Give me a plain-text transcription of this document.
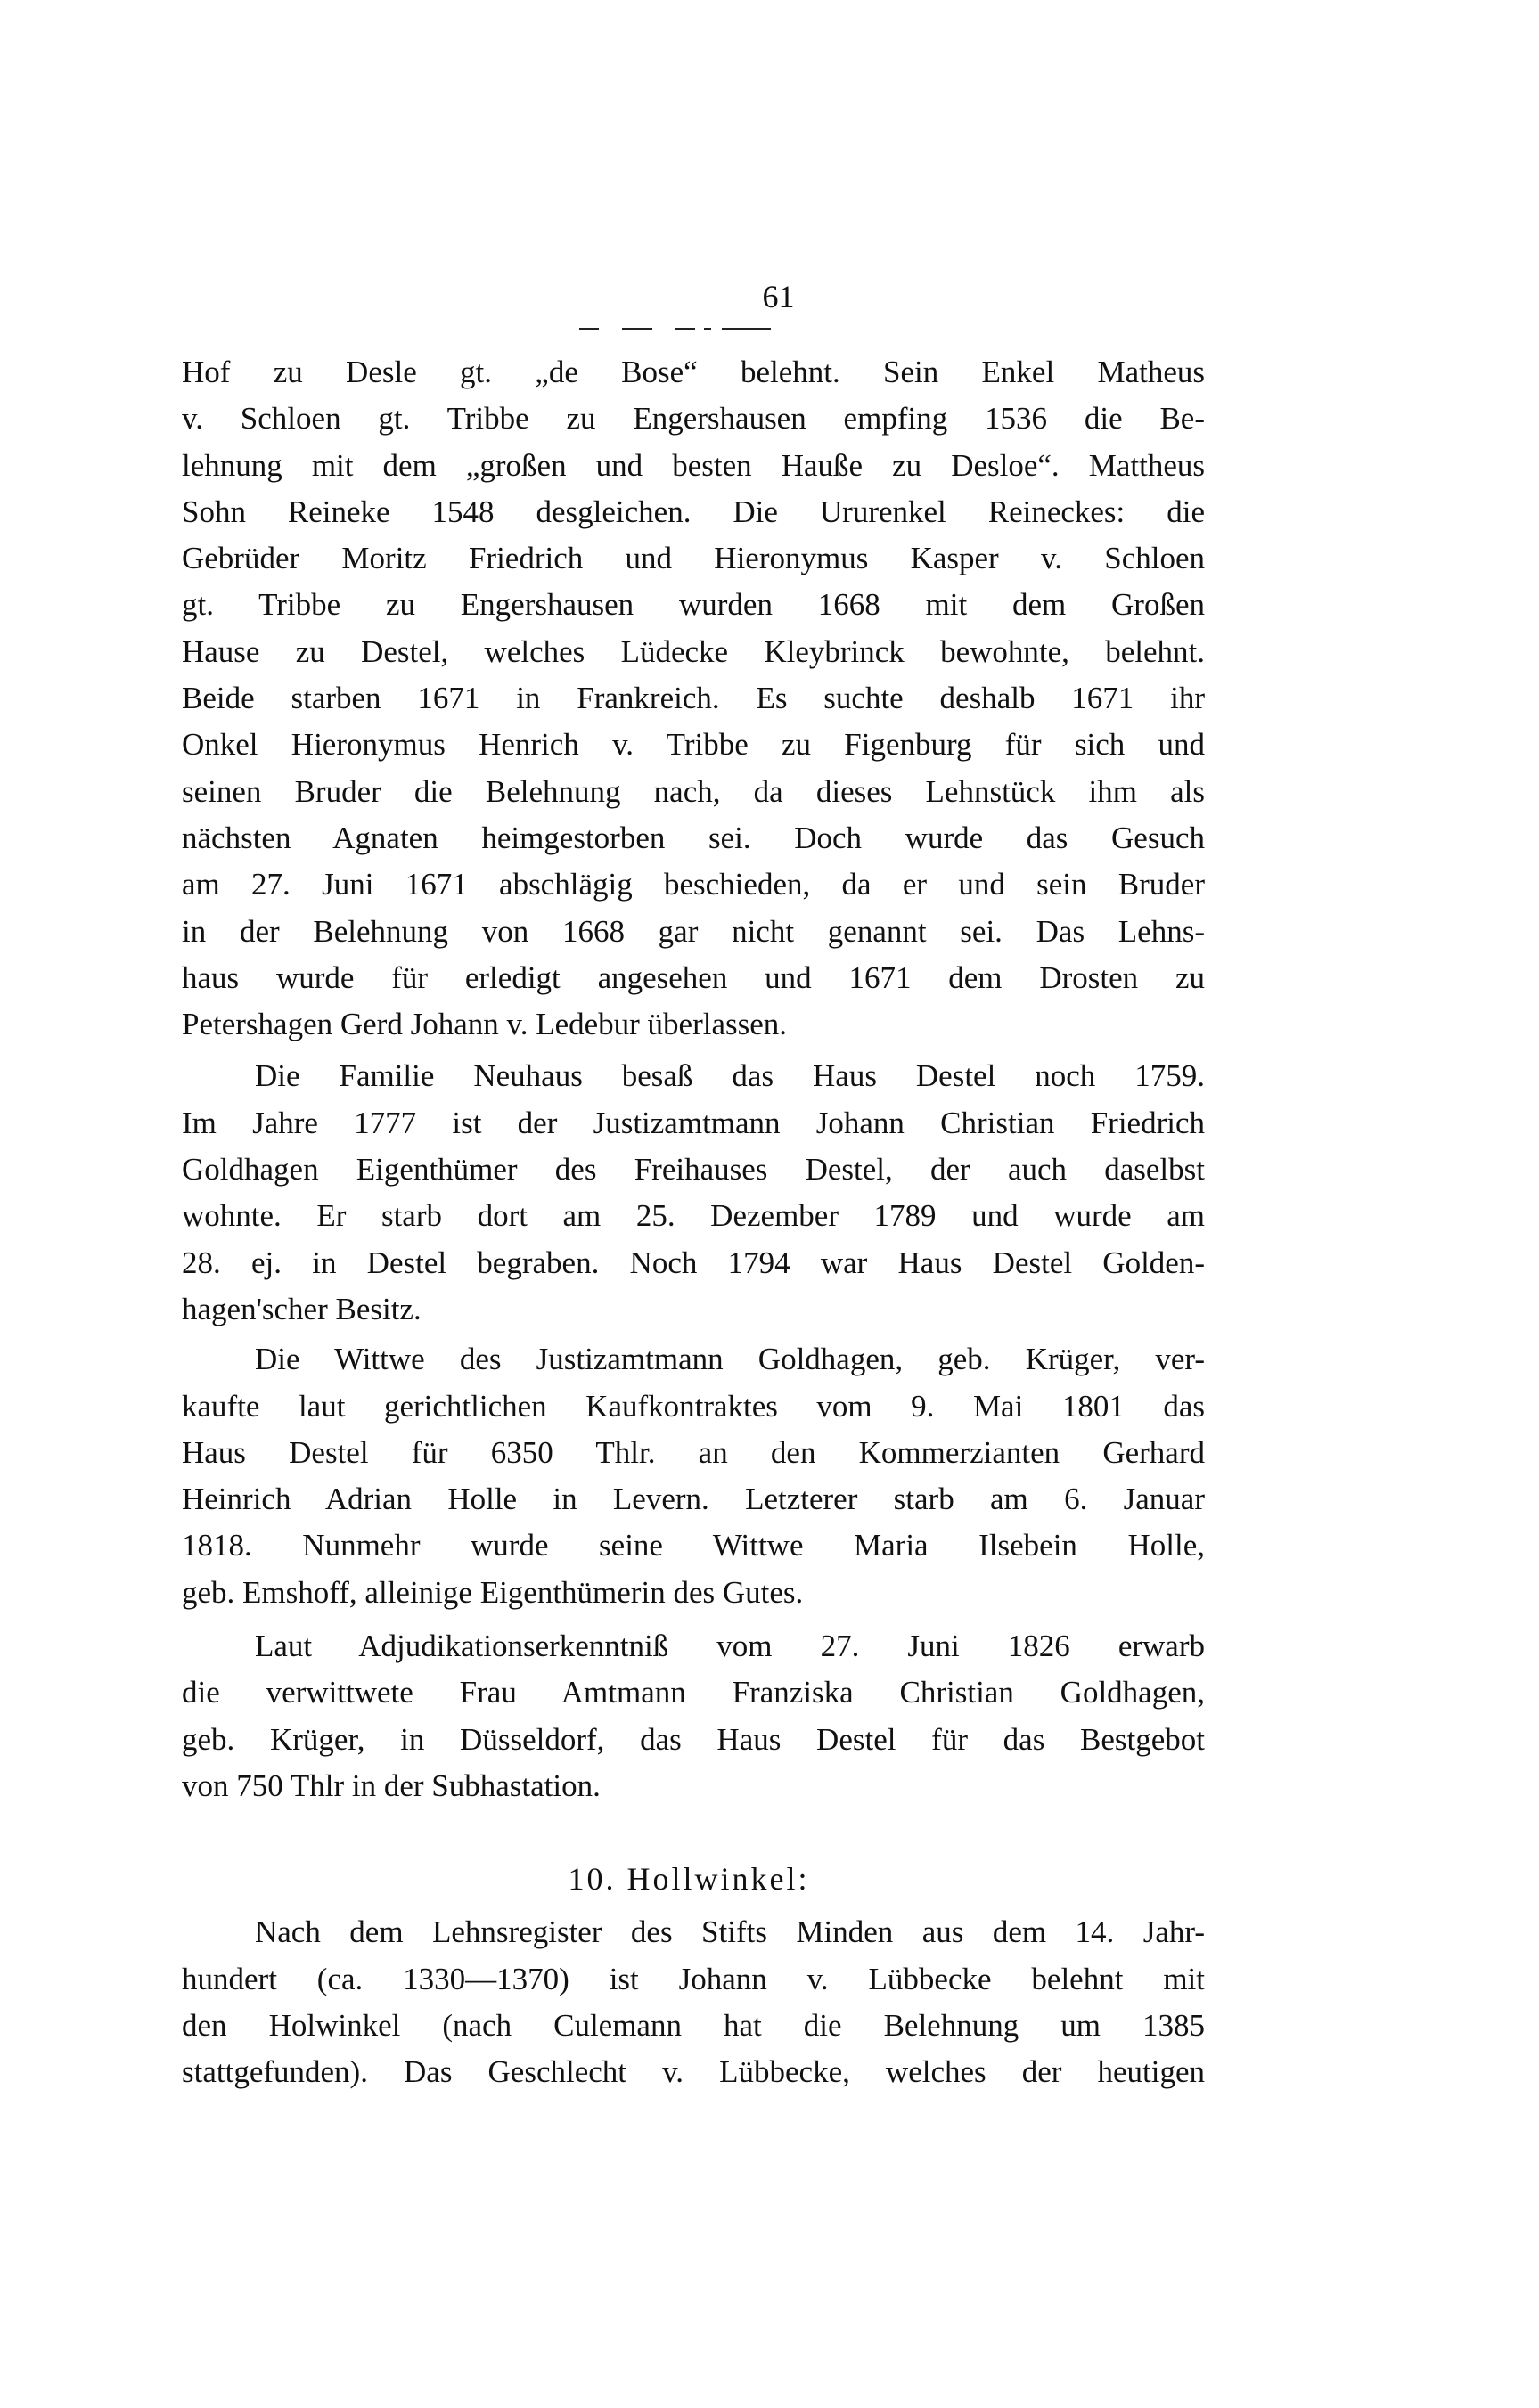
61
Hof zu Desle gt. „de Bose“ belehnt. Sein Enkel Matheus
v. Schloen gt. Tribbe zu Engershausen empfing 1536 die Be-
lehnung mit dem „großen und besten Hauße zu Desloe“. Mattheus
Sohn Reineke 1548 desgleichen. Die Ururenkel Reineckes: die
Gebrüder Moritz Friedrich und Hieronymus Kasper v. Schloen
gt. Tribbe zu Engershausen wurden 1668 mit dem Großen
Hause zu Destel, welches Lüdecke Kleybrinck bewohnte, belehnt.
Beide starben 1671 in Frankreich. Es suchte deshalb 1671 ihr
Onkel Hieronymus Henrich v. Tribbe zu Figenburg für sich und
seinen Bruder die Belehnung nach, da dieses Lehnstück ihm als
nächsten Agnaten heimgestorben sei. Doch wurde das Gesuch
am 27. Juni 1671 abschlägig beschieden, da er und sein Bruder
in der Belehnung von 1668 gar nicht genannt sei. Das Lehns-
haus wurde für erledigt angesehen und 1671 dem Drosten zu
Petershagen Gerd Johann v. Ledebur überlassen.
Die Familie Neuhaus besaß das Haus Destel noch 1759.
Im Jahre 1777 ist der Justizamtmann Johann Christian Friedrich
Goldhagen Eigenthümer des Freihauses Destel, der auch daselbst
wohnte. Er starb dort am 25. Dezember 1789 und wurde am
28. ej. in Destel begraben. Noch 1794 war Haus Destel Golden-
hagen'scher Besitz.
Die Wittwe des Justizamtmann Goldhagen, geb. Krüger, ver-
kaufte laut gerichtlichen Kaufkontraktes vom 9. Mai 1801 das
Haus Destel für 6350 Thlr. an den Kommerzianten Gerhard
Heinrich Adrian Holle in Levern. Letzterer starb am 6. Januar
1818. Nunmehr wurde seine Wittwe Maria Ilsebein Holle,
geb. Emshoff, alleinige Eigenthümerin des Gutes.
Laut Adjudikationserkenntniß vom 27. Juni 1826 erwarb
die verwittwete Frau Amtmann Franziska Christian Goldhagen,
geb. Krüger, in Düsseldorf, das Haus Destel für das Bestgebot
von 750 Thlr in der Subhastation.
10. Hollwinkel:
Nach dem Lehnsregister des Stifts Minden aus dem 14. Jahr-
hundert (ca. 1330—1370) ist Johann v. Lübbecke belehnt mit
den Holwinkel (nach Culemann hat die Belehnung um 1385
stattgefunden). Das Geschlecht v. Lübbecke, welches der heutigen
